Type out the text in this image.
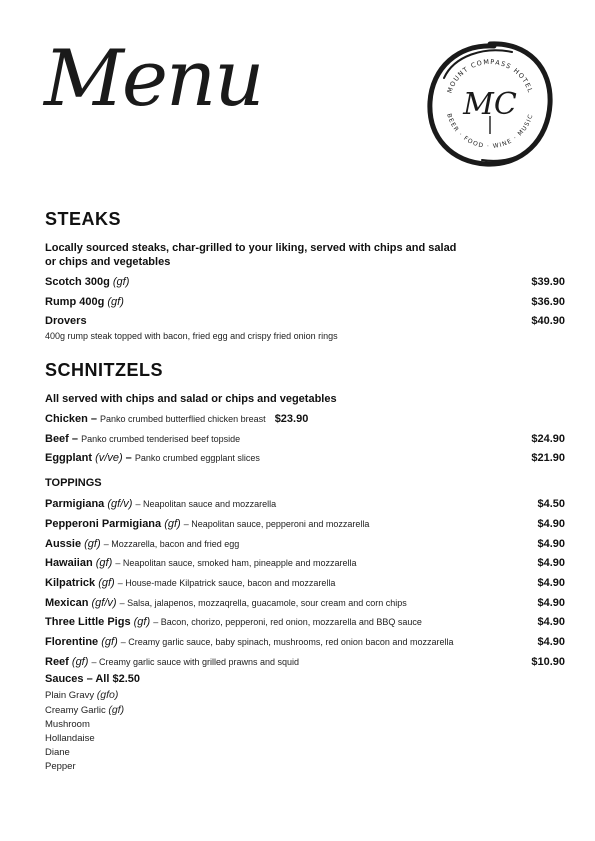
Menu	MOUNT COMPASS HOTEL
BEER · FOOD · WINE · MUSIC
MC
STEAKS
Locally sourced steaks, char-grilled to your liking, served with chips and salad
or chips and vegetables
Scotch 300g (gf)	$39.90
Rump 400g (gf)	$36.90
Drovers	$40.90
400g rump steak topped with bacon, fried egg and crispy fried onion rings
SCHNITZELS
All served with chips and salad or chips and vegetables
Chicken – Panko crumbed butterflied chicken breast $23.90
Beef – Panko crumbed tenderised beef topside	$24.90
Eggplant (v/ve) – Panko crumbed eggplant slices	$21.90
TOPPINGS
Parmigiana (gf/v) – Neapolitan sauce and mozzarella	$4.50
Pepperoni Parmigiana (gf) – Neapolitan sauce, pepperoni and mozzarella	$4.90
Aussie (gf) – Mozzarella, bacon and fried egg	$4.90
Hawaiian (gf) – Neapolitan sauce, smoked ham, pineapple and mozzarella	$4.90
Kilpatrick (gf) – House-made Kilpatrick sauce, bacon and mozzarella	$4.90
Mexican (gf/v) – Salsa, jalapenos, mozzaqrella, guacamole, sour cream and corn chips	$4.90
Three Little Pigs (gf) – Bacon, chorizo, pepperoni, red onion, mozzarella and BBQ sauce	$4.90
Florentine (gf) – Creamy garlic sauce, baby spinach, mushrooms, red onion bacon and mozzarella	$4.90
Reef (gf) – Creamy garlic sauce with grilled prawns and squid	$10.90
Sauces – All $2.50
Plain Gravy (gfo)
Creamy Garlic (gf)
Mushroom
Hollandaise
Diane
Pepper
